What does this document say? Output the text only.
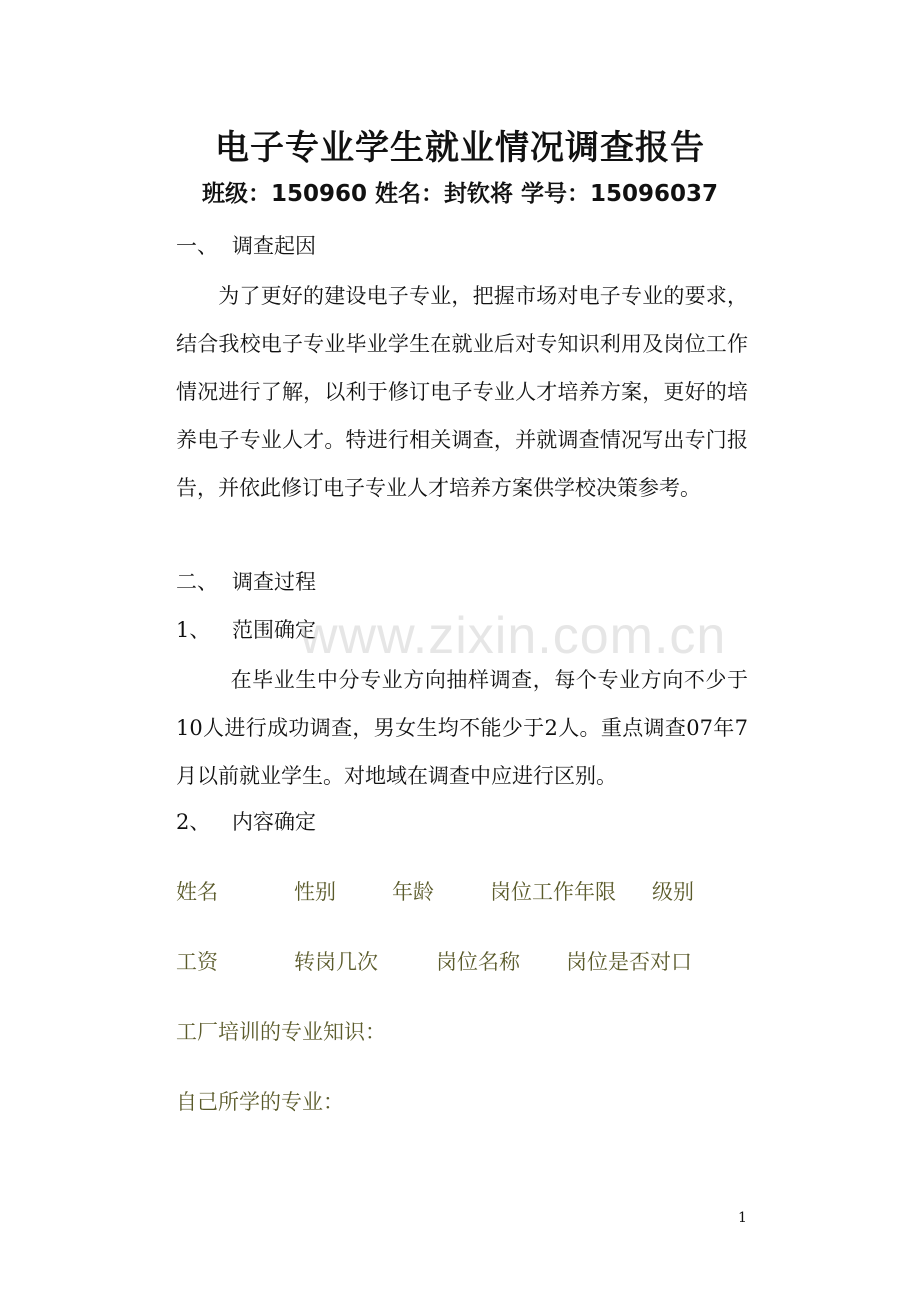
电子专业学生就业情况调查报告
班级：150960 姓名：封钦将 学号：15096037
一、 调查起因
为了更好的建设电子专业，把握市场对电子专业的要求，结合我校电子专业毕业学生在就业后对专知识利用及岗位工作情况进行了解，以利于修订电子专业人才培养方案，更好的培养电子专业人才。特进行相关调查，并就调查情况写出专门报告，并依此修订电子专业人才培养方案供学校决策参考。
二、 调查过程
1、 范围确定
在毕业生中分专业方向抽样调查，每个专业方向不少于10人进行成功调查，男女生均不能少于2人。重点调查07年7月以前就业学生。对地域在调查中应进行区别。
2、 内容确定
姓名	性别	年龄	岗位工作年限 级别
工资	转岗几次	岗位名称 岗位是否对口
工厂培训的专业知识：
自己所学的专业：
www.zixin.com.cn
1
